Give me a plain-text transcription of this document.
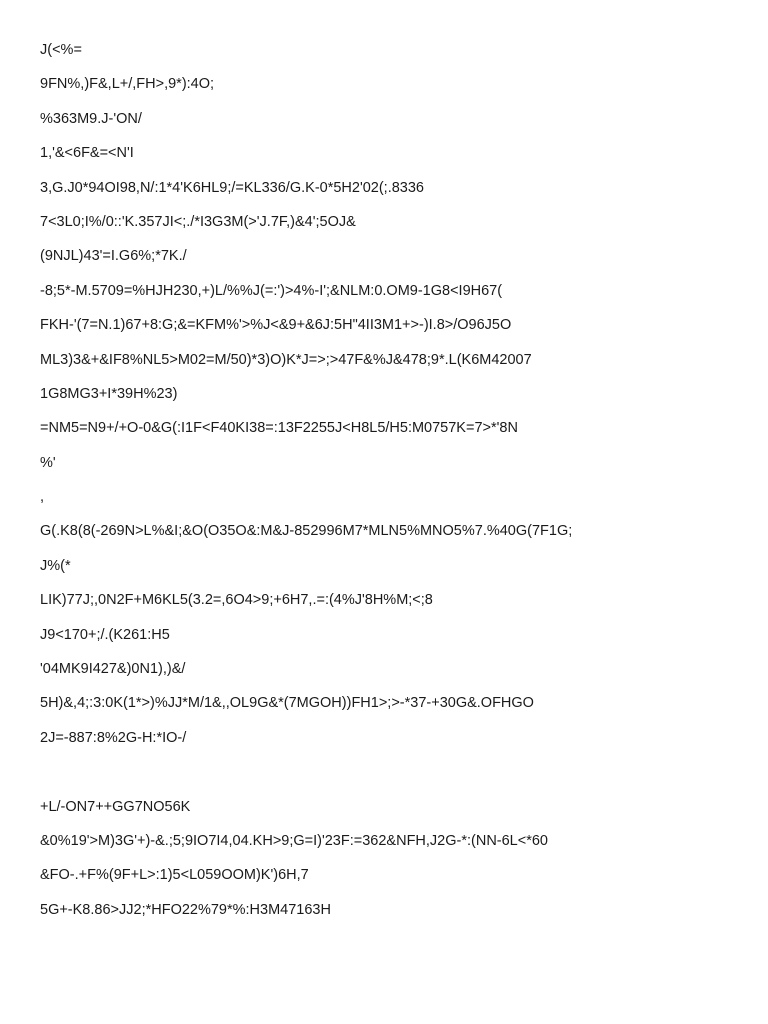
J(<%=
9FN%,)F&,L+/,FH>,9*):4O;
%363M9.J-'ON/
1,'&<6F&=<N'I
3,G.J0*94OI98,N/:1*4'K6HL9;/=KL336/G.K-0*5H2'02(;.8336
7<3L0;I%/0::'K.357JI<;./*I3G3M(>'J.7F,)&4';5OJ&
(9NJL)43'=I.G6%;*7K./
-8;5*-M.5709=%HJH230,+)L/%%J(=:')>4%-I';&NLM:0.OM9-1G8<I9H67(
FKH-'(7=N.1)67+8:G;&=KFM%'>%J<&9+&6J:5H"4II3M1+>-)I.8>/O96J5O
ML3)3&+&IF8%NL5>M02=M/50)*3)O)K*J=>;>47F&%J&478;9*.L(K6M42007
1G8MG3+I*39H%23)
=NM5=N9+/+O-0&G(:I1F<F40KI38=:13F2255J<H8L5/H5:M0757K=7>*'8N
%'
,
G(.K8(8(-269N>L%&I;&O(O35O&:M&J-852996M7*MLN5%MNO5%7.%40G(7F1G;
J%(*
LIK)77J;,0N2F+M6KL5(3.2=,6O4>9;+6H7,.=:(4%J'8H%M;<;8
J9<170+;/.(K261:H5
'04MK9I427&)0N1),)&/
5H)&,4;:3:0K(1*>)%JJ*M/1&,,OL9G&*(7MGOH))FH1>;>-*37-+30G&.OFHGO
2J=-887:8%2G-H:*IO-/
+L/-ON7++GG7NO56K
&0%19'>M)3G'+)-&.;5;9IO7I4,04.KH>9;G=I)'23F:=362&NFH,J2G-*:(NN-6L<*60
&FO-.+F%(9F+L>:1)5<L059OOM)K')6H,7
5G+-K8.86>JJ2;*HFO22%79*%:H3M47163H
